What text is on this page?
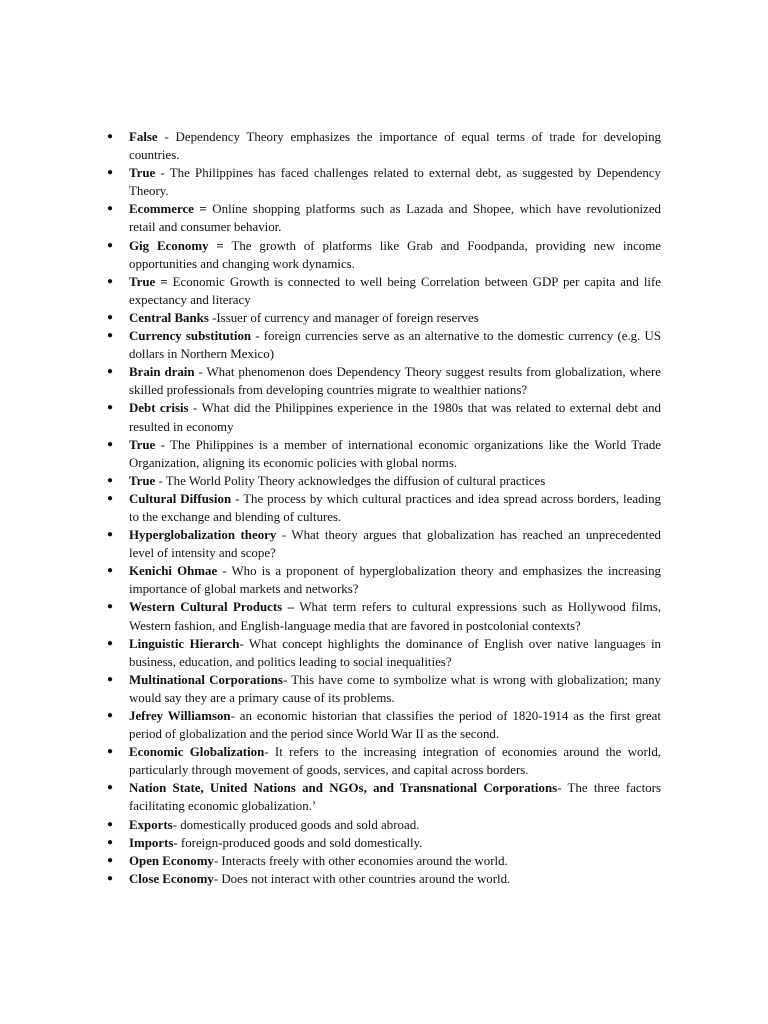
● False - Dependency Theory emphasizes the importance of equal terms of trade for developing countries.
● True - The Philippines has faced challenges related to external debt, as suggested by Dependency Theory.
● Ecommerce = Online shopping platforms such as Lazada and Shopee, which have revolutionized retail and consumer behavior.
● Gig Economy = The growth of platforms like Grab and Foodpanda, providing new income opportunities and changing work dynamics.
● True = Economic Growth is connected to well being Correlation between GDP per capita and life expectancy and literacy
● Central Banks -Issuer of currency and manager of foreign reserves
● Currency substitution - foreign currencies serve as an alternative to the domestic currency (e.g. US dollars in Northern Mexico)
● Brain drain - What phenomenon does Dependency Theory suggest results from globalization, where skilled professionals from developing countries migrate to wealthier nations?
● Debt crisis - What did the Philippines experience in the 1980s that was related to external debt and resulted in economy
● True - The Philippines is a member of international economic organizations like the World Trade Organization, aligning its economic policies with global norms.
● True - The World Polity Theory acknowledges the diffusion of cultural practices
● Cultural Diffusion - The process by which cultural practices and idea spread across borders, leading to the exchange and blending of cultures.
● Hyperglobalization theory - What theory argues that globalization has reached an unprecedented level of intensity and scope?
● Kenichi Ohmae - Who is a proponent of hyperglobalization theory and emphasizes the increasing importance of global markets and networks?
● Western Cultural Products – What term refers to cultural expressions such as Hollywood films, Western fashion, and English-language media that are favored in postcolonial contexts?
● Linguistic Hierarch- What concept highlights the dominance of English over native languages in business, education, and politics leading to social inequalities?
● Multinational Corporations- This have come to symbolize what is wrong with globalization; many would say they are a primary cause of its problems.
● Jefrey Williamson- an economic historian that classifies the period of 1820-1914 as the first great period of globalization and the period since World War II as the second.
● Economic Globalization- It refers to the increasing integration of economies around the world, particularly through movement of goods, services, and capital across borders.
● Nation State, United Nations and NGOs, and Transnational Corporations- The three factors facilitating economic globalization.’
● Exports- domestically produced goods and sold abroad.
● Imports- foreign-produced goods and sold domestically.
● Open Economy- Interacts freely with other economies around the world.
● Close Economy- Does not interact with other countries around the world.
